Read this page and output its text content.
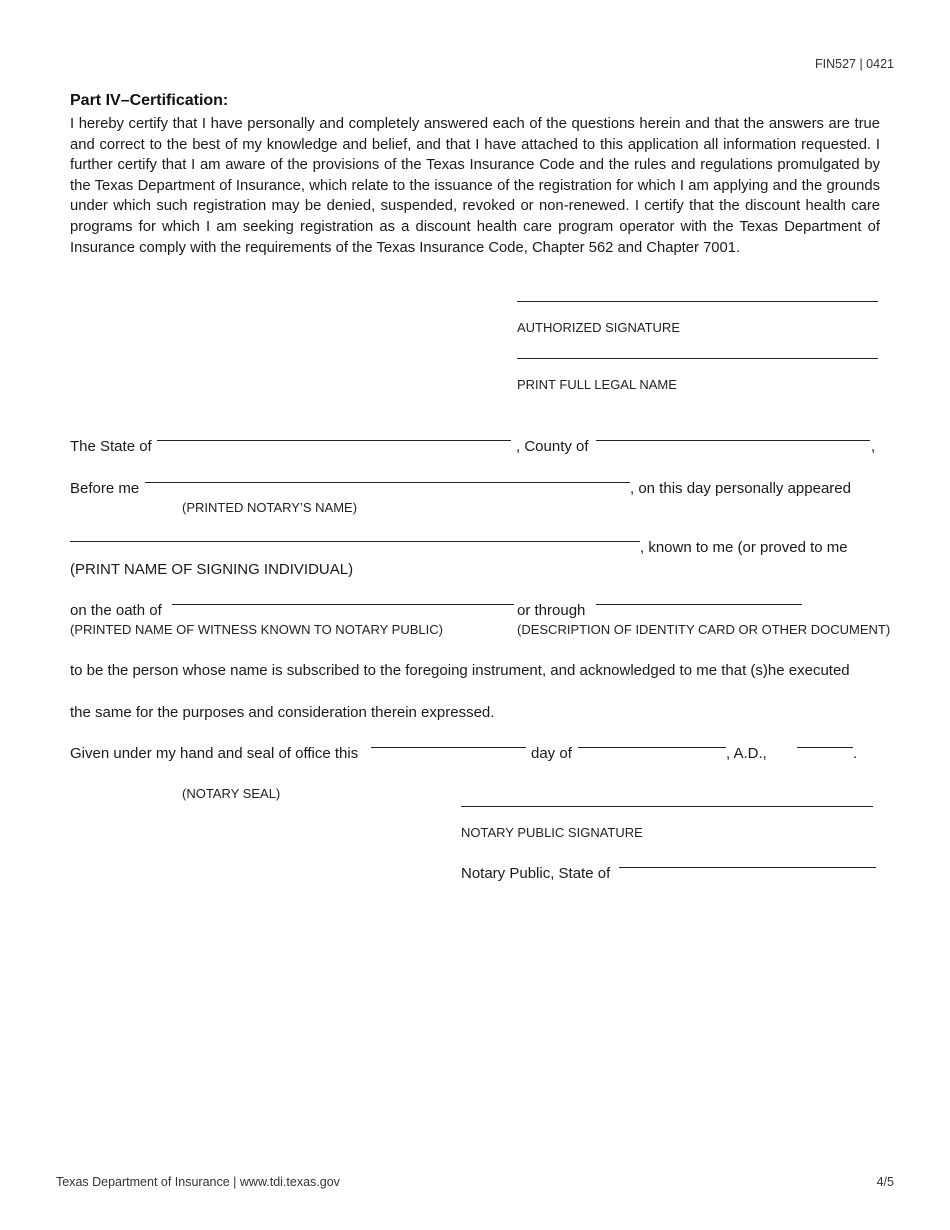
FIN527 | 0421
Part IV–Certification:
I hereby certify that I have personally and completely answered each of the questions herein and that the answers are true and correct to the best of my knowledge and belief, and that I have attached to this application all information requested. I further certify that I am aware of the provisions of the Texas Insurance Code and the rules and regulations promulgated by the Texas Department of Insurance, which relate to the issuance of the registration for which I am applying and the grounds under which such registration may be denied, suspended, revoked or non-renewed. I certify that the discount health care programs for which I am seeking registration as a discount health care program operator with the Texas Department of Insurance comply with the requirements of the Texas Insurance Code, Chapter 562 and Chapter 7001.
AUTHORIZED SIGNATURE
PRINT FULL LEGAL NAME
The State of	, County of	,
Before me	, on this day personally appeared
(PRINTED NOTARY’S NAME)
, known to me (or proved to me
(PRINT NAME OF SIGNING INDIVIDUAL)
on the oath of	or through
(PRINTED NAME OF WITNESS KNOWN TO NOTARY PUBLIC)	(DESCRIPTION OF IDENTITY CARD OR OTHER DOCUMENT)
to be the person whose name is subscribed to the foregoing instrument, and acknowledged to me that (s)he executed
the same for the purposes and consideration therein expressed.
Given under my hand and seal of office this	day of	, A.D.,	.
(NOTARY SEAL)
NOTARY PUBLIC SIGNATURE
Notary Public, State of
Texas Department of Insurance | www.tdi.texas.gov	4/5
